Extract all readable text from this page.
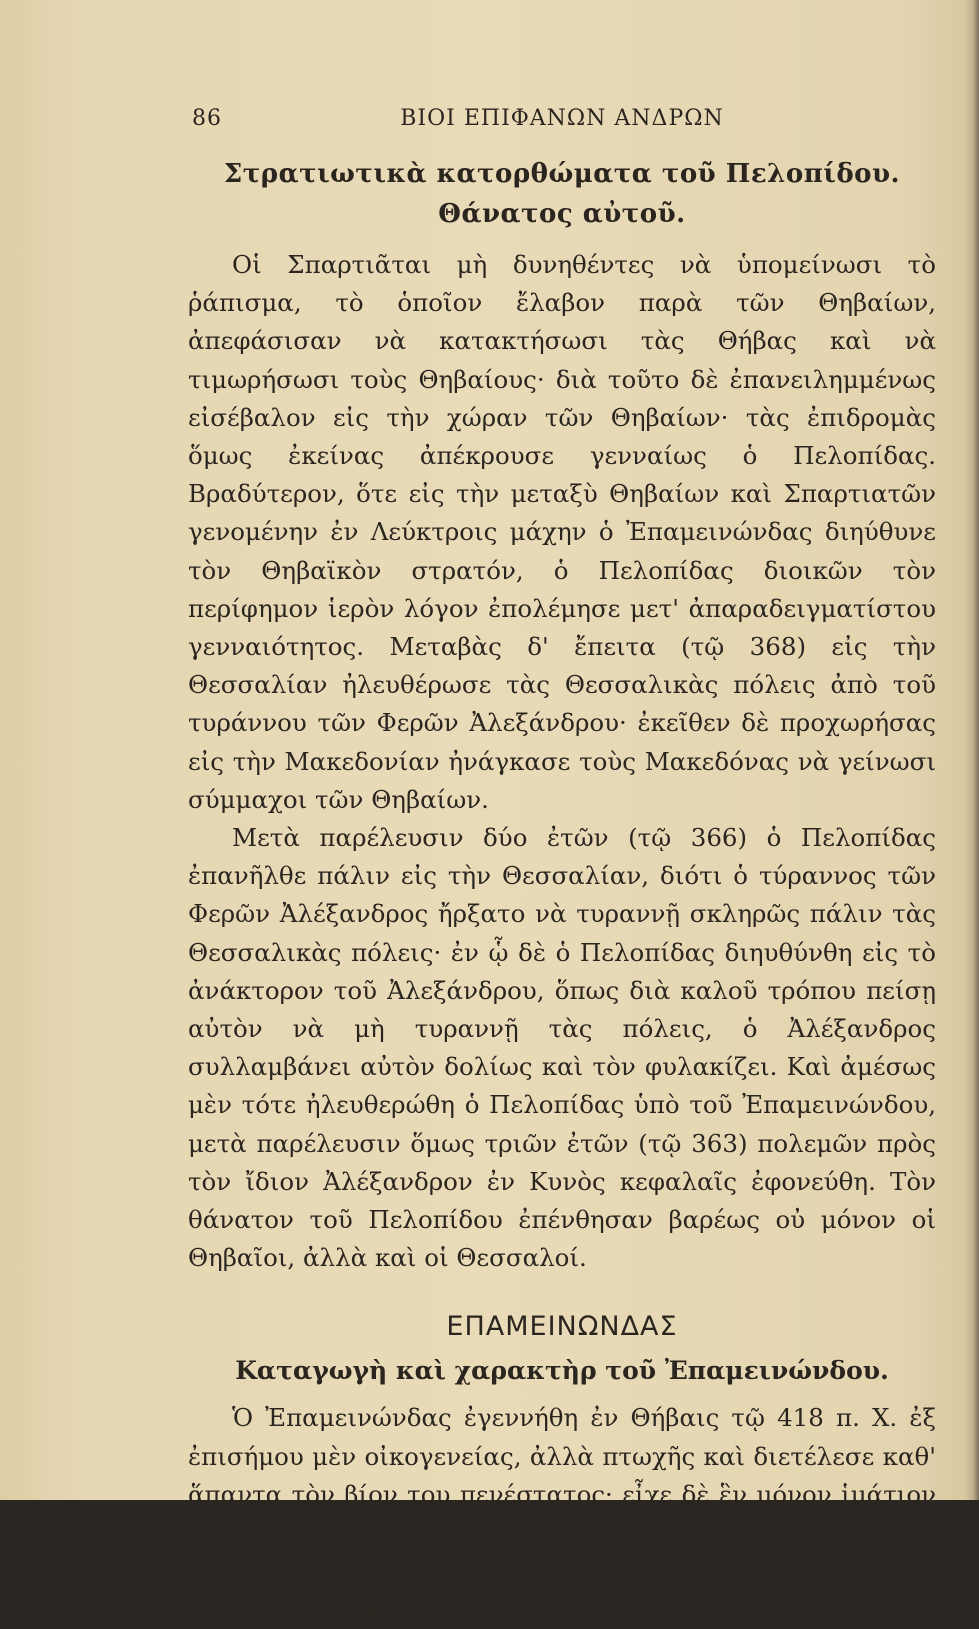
86	ΒΙΟΙ ΕΠΙΦΑΝΩΝ ΑΝΔΡΩΝ
Στρατιωτικὰ κατορθώματα τοῦ Πελοπίδου.
Θάνατος αὐτοῦ.

Οἱ Σπαρτιᾶται μὴ δυνηθέντες νὰ ὑπομείνωσι τὸ ῥάπισμα, τὸ ὁποῖον ἔλαβον παρὰ τῶν Θηβαίων, ἀπεφάσισαν νὰ κατακτήσωσι τὰς Θήβας καὶ νὰ τιμωρήσωσι τοὺς Θηβαίους· διὰ τοῦτο δὲ ἐπανειλημμένως εἰσέβαλον εἰς τὴν χώραν τῶν Θηβαίων· τὰς ἐπιδρομὰς ὅμως ἐκείνας ἀπέκρουσε γενναίως ὁ Πελοπίδας. Βραδύτερον, ὅτε εἰς τὴν μεταξὺ Θηβαίων καὶ Σπαρτιατῶν γενομένην ἐν Λεύκτροις μάχην ὁ Ἐπαμεινώνδας διηύθυνε τὸν Θηβαϊκὸν στρατόν, ὁ Πελοπίδας διοικῶν τὸν περίφημον ἱερὸν λόγον ἐπολέμησε μετ' ἀπαραδειγματίστου γενναιότητος. Μεταβὰς δ' ἔπειτα (τῷ 368) εἰς τὴν Θεσσαλίαν ἠλευθέρωσε τὰς Θεσσαλικὰς πόλεις ἀπὸ τοῦ τυράννου τῶν Φερῶν Ἀλεξάνδρου· ἐκεῖθεν δὲ προχωρήσας εἰς τὴν Μακεδονίαν ἠνάγκασε τοὺς Μακεδόνας νὰ γείνωσι σύμμαχοι τῶν Θηβαίων.

Μετὰ παρέλευσιν δύο ἐτῶν (τῷ 366) ὁ Πελοπίδας ἐπανῆλθε πάλιν εἰς τὴν Θεσσαλίαν, διότι ὁ τύραννος τῶν Φερῶν Ἀλέξανδρος ἤρξατο νὰ τυραννῇ σκληρῶς πάλιν τὰς Θεσσαλικὰς πόλεις· ἐν ᾧ δὲ ὁ Πελοπίδας διηυθύνθη εἰς τὸ ἀνάκτορον τοῦ Ἀλεξάνδρου, ὅπως διὰ καλοῦ τρόπου πείσῃ αὐτὸν νὰ μὴ τυραννῇ τὰς πόλεις, ὁ Ἀλέξανδρος συλλαμβάνει αὐτὸν δολίως καὶ τὸν φυλακίζει. Καὶ ἀμέσως μὲν τότε ἠλευθερώθη ὁ Πελοπίδας ὑπὸ τοῦ Ἐπαμεινώνδου, μετὰ παρέλευσιν ὅμως τριῶν ἐτῶν (τῷ 363) πολεμῶν πρὸς τὸν ἴδιον Ἀλέξανδρον ἐν Κυνὸς κεφαλαῖς ἐφονεύθη. Τὸν θάνατον τοῦ Πελοπίδου ἐπένθησαν βαρέως οὐ μόνον οἱ Θηβαῖοι, ἀλλὰ καὶ οἱ Θεσσαλοί.

ΕΠΑΜΕΙΝΩΝΔΑΣ
Καταγωγὴ καὶ χαρακτὴρ τοῦ Ἐπαμεινώνδου.

Ὁ Ἐπαμεινώνδας ἐγεννήθη ἐν Θήβαις τῷ 418 π. Χ. ἐξ ἐπισήμου μὲν οἰκογενείας, ἀλλὰ πτωχῆς καὶ διετέλεσε καθ' ἅπαντα τὸν βίον του πενέστατος· εἶχε δὲ ἓν μόνον ἱμάτιον καί, ὅτε ἐπλύνετο τοῦτο, ἔμενεν ἐν τῇ οἰκίᾳ· οὐδέποτε δέ, ἂν καὶ διετέλει ἐν τοιαύτῃ πενίᾳ, ἐπείσθη νὰ δεχθῇ δῶρον παρὰ τοῦ πλουσίου φίλου του Πελοπίδου.
